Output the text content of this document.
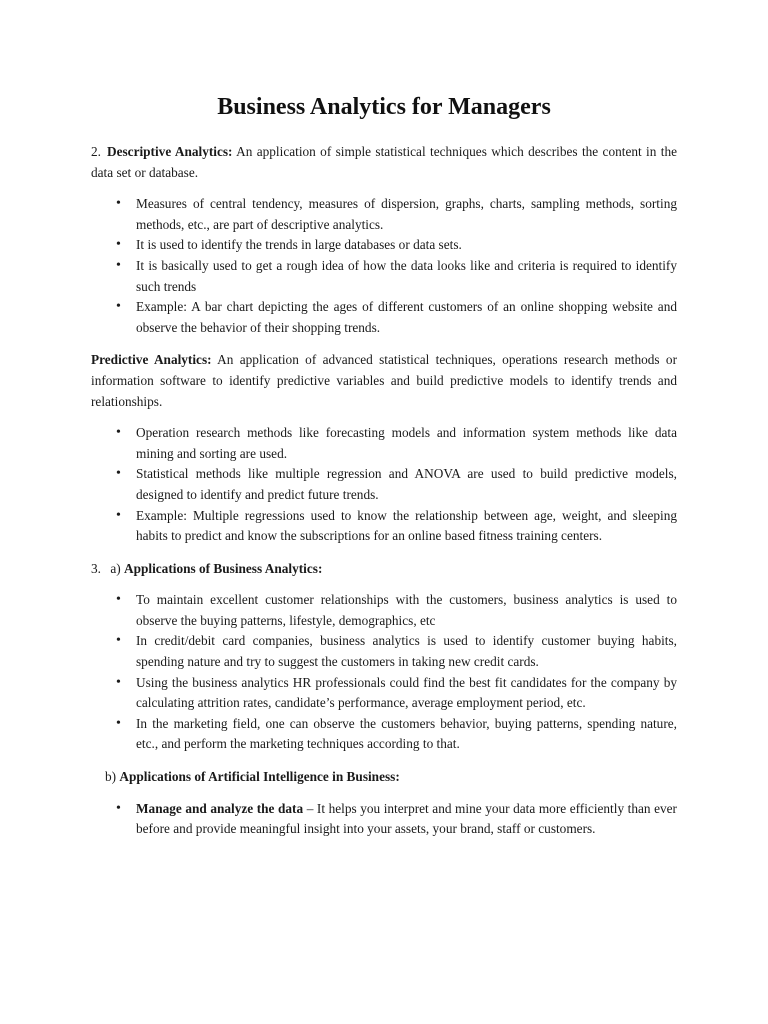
Business Analytics for Managers

2. Descriptive Analytics: An application of simple statistical techniques which describes the content in the data set or database.

• Measures of central tendency, measures of dispersion, graphs, charts, sampling methods, sorting methods, etc., are part of descriptive analytics.
• It is used to identify the trends in large databases or data sets.
• It is basically used to get a rough idea of how the data looks like and criteria is required to identify such trends
• Example: A bar chart depicting the ages of different customers of an online shopping website and observe the behavior of their shopping trends.

Predictive Analytics: An application of advanced statistical techniques, operations research methods or information software to identify predictive variables and build predictive models to identify trends and relationships.

• Operation research methods like forecasting models and information system methods like data mining and sorting are used.
• Statistical methods like multiple regression and ANOVA are used to build predictive models, designed to identify and predict future trends.
• Example: Multiple regressions used to know the relationship between age, weight, and sleeping habits to predict and know the subscriptions for an online based fitness training centers.

3. a) Applications of Business Analytics:

• To maintain excellent customer relationships with the customers, business analytics is used to observe the buying patterns, lifestyle, demographics, etc
• In credit/debit card companies, business analytics is used to identify customer buying habits, spending nature and try to suggest the customers in taking new credit cards.
• Using the business analytics HR professionals could find the best fit candidates for the company by calculating attrition rates, candidate’s performance, average employment period, etc.
• In the marketing field, one can observe the customers behavior, buying patterns, spending nature, etc., and perform the marketing techniques according to that.

b) Applications of Artificial Intelligence in Business:

• Manage and analyze the data – It helps you interpret and mine your data more efficiently than ever before and provide meaningful insight into your assets, your brand, staff or customers.
